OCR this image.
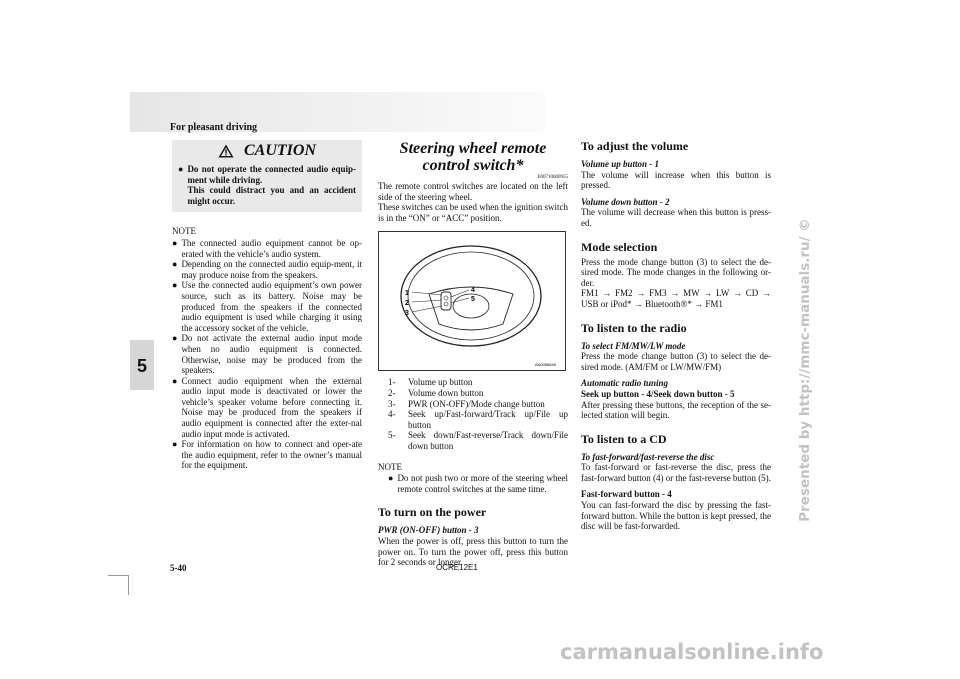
For pleasant driving
5	Presented by http://mmc-manuals.ru/ ©
carmanualsonline.info
5-40	OCRE12E1
CAUTION
● Do not operate the connected audio equip-ment while driving.
This could distract you and an accident might occur.
NOTE
● The connected audio equipment cannot be op-erated with the vehicle’s audio system.
● Depending on the connected audio equip-ment, it may produce noise from the speakers.
● Use the connected audio equipment’s own power source, such as its battery. Noise may be produced from the speakers if the connected audio equipment is used while charging it using the accessory socket of the vehicle.
● Do not activate the external audio input mode when no audio equipment is connected. Otherwise, noise may be produced from the speakers.
● Connect audio equipment when the external audio input mode is deactivated or lower the vehicle’s speaker volume before connecting it. Noise may be produced from the speakers if audio equipment is connected after the exter-nal audio input mode is activated.
● For information on how to connect and oper-ate the audio equipment, refer to the owner’s manual for the equipment.
Steering wheel remote control switch*
E00710000955
The remote control switches are located on the left side of the steering wheel.
These switches can be used when the ignition switch is in the “ON” or “ACC” position.
1
2
3
4
5
AA0096645
1-	Volume up button
2-	Volume down button
3-	PWR (ON-OFF)/Mode change button
4-	Seek up/Fast-forward/Track up/File up button
5-	Seek down/Fast-reverse/Track down/File down button
NOTE
● Do not push two or more of the steering wheel remote control switches at the same time.
To turn on the power
PWR (ON-OFF) button - 3
When the power is off, press this button to turn the power on. To turn the power off, press this button for 2 seconds or longer.
To adjust the volume
Volume up button - 1
The volume will increase when this button is pressed.
Volume down button - 2
The volume will decrease when this button is press-ed.
Mode selection
Press the mode change button (3) to select the de-sired mode. The mode changes in the following or-der.
FM1 → FM2 → FM3 → MW → LW → CD → USB or iPod* → Bluetooth®* → FM1
To listen to the radio
To select FM/MW/LW mode
Press the mode change button (3) to select the de-sired mode. (AM/FM or LW/MW/FM)
Automatic radio tuning
Seek up button - 4/Seek down button - 5
After pressing these buttons, the reception of the se-lected station will begin.
To listen to a CD
To fast-forward/fast-reverse the disc
To fast-forward or fast-reverse the disc, press the fast-forward button (4) or the fast-reverse button (5).
Fast-forward button - 4
You can fast-forward the disc by pressing the fast-forward button. While the button is kept pressed, the disc will be fast-forwarded.
